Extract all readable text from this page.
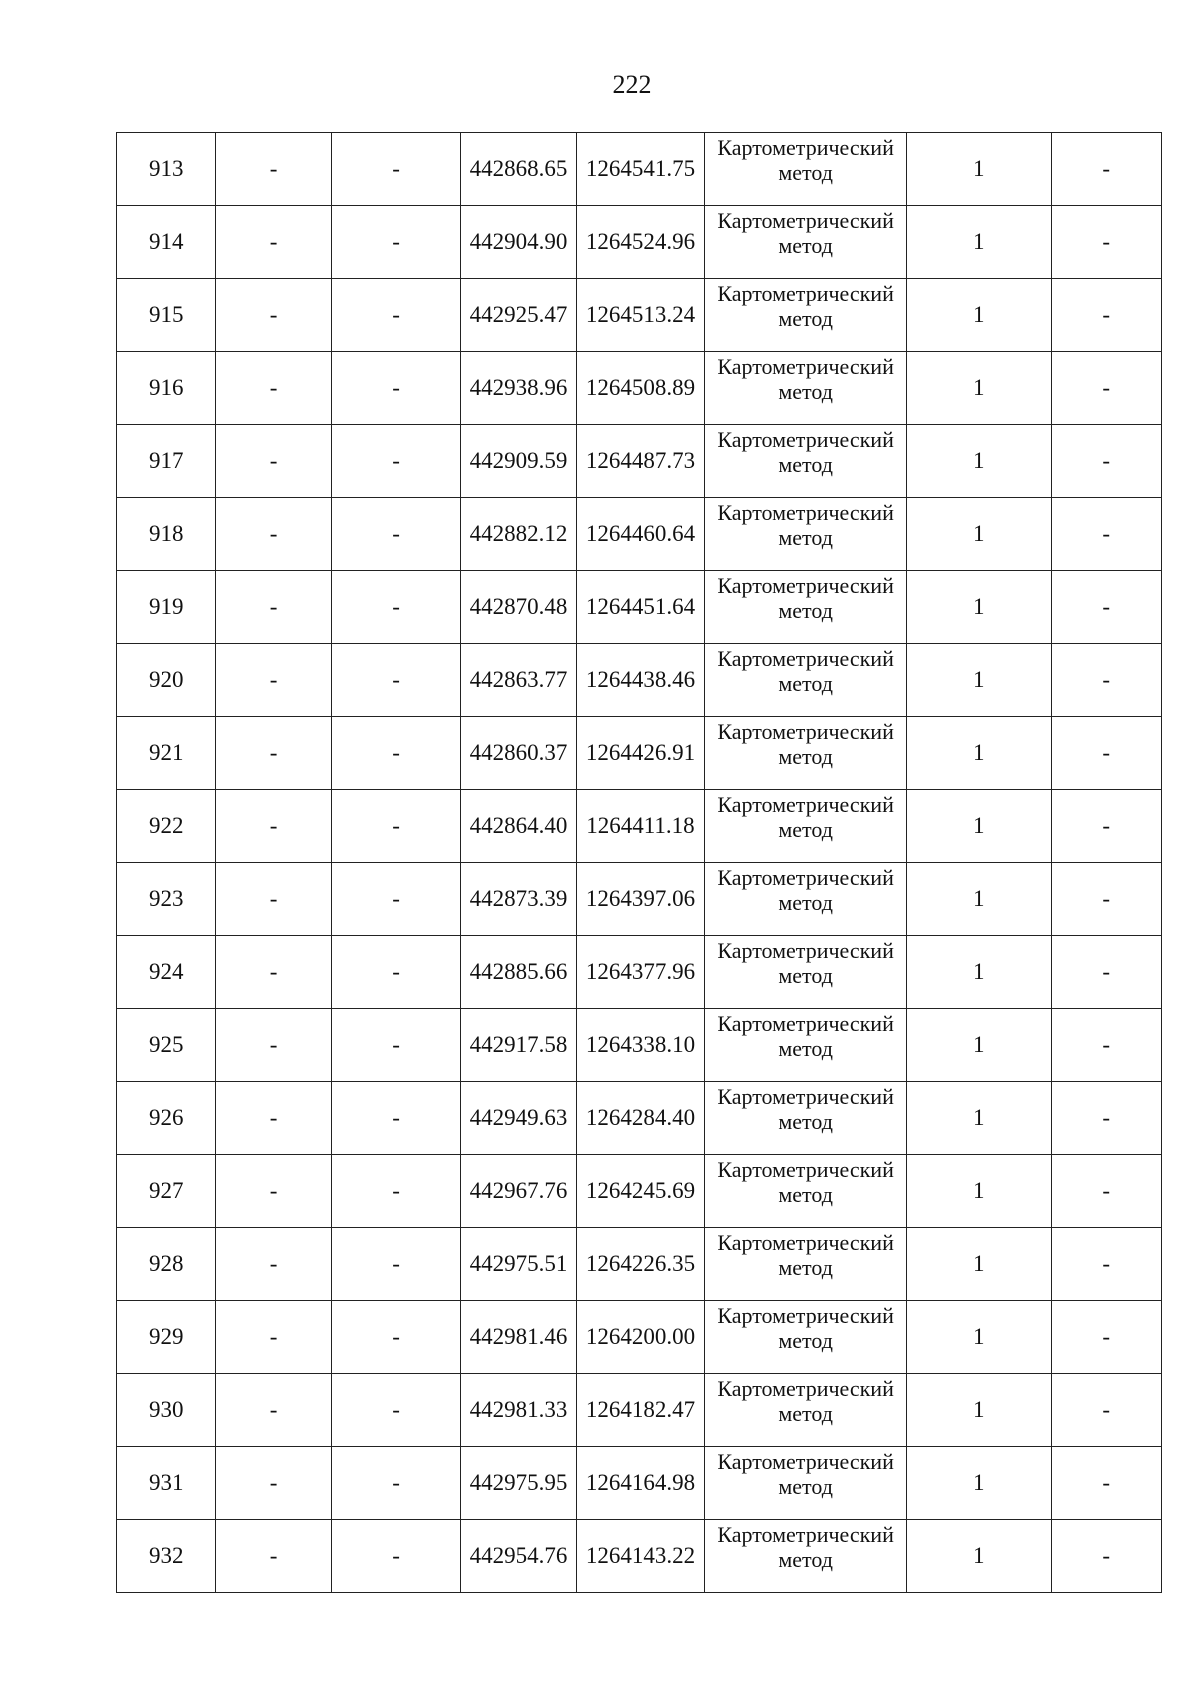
222
913	-	-	442868.65	1264541.75	Картометрический метод	1	-
914	-	-	442904.90	1264524.96	Картометрический метод	1	-
915	-	-	442925.47	1264513.24	Картометрический метод	1	-
916	-	-	442938.96	1264508.89	Картометрический метод	1	-
917	-	-	442909.59	1264487.73	Картометрический метод	1	-
918	-	-	442882.12	1264460.64	Картометрический метод	1	-
919	-	-	442870.48	1264451.64	Картометрический метод	1	-
920	-	-	442863.77	1264438.46	Картометрический метод	1	-
921	-	-	442860.37	1264426.91	Картометрический метод	1	-
922	-	-	442864.40	1264411.18	Картометрический метод	1	-
923	-	-	442873.39	1264397.06	Картометрический метод	1	-
924	-	-	442885.66	1264377.96	Картометрический метод	1	-
925	-	-	442917.58	1264338.10	Картометрический метод	1	-
926	-	-	442949.63	1264284.40	Картометрический метод	1	-
927	-	-	442967.76	1264245.69	Картометрический метод	1	-
928	-	-	442975.51	1264226.35	Картометрический метод	1	-
929	-	-	442981.46	1264200.00	Картометрический метод	1	-
930	-	-	442981.33	1264182.47	Картометрический метод	1	-
931	-	-	442975.95	1264164.98	Картометрический метод	1	-
932	-	-	442954.76	1264143.22	Картометрический метод	1	-
